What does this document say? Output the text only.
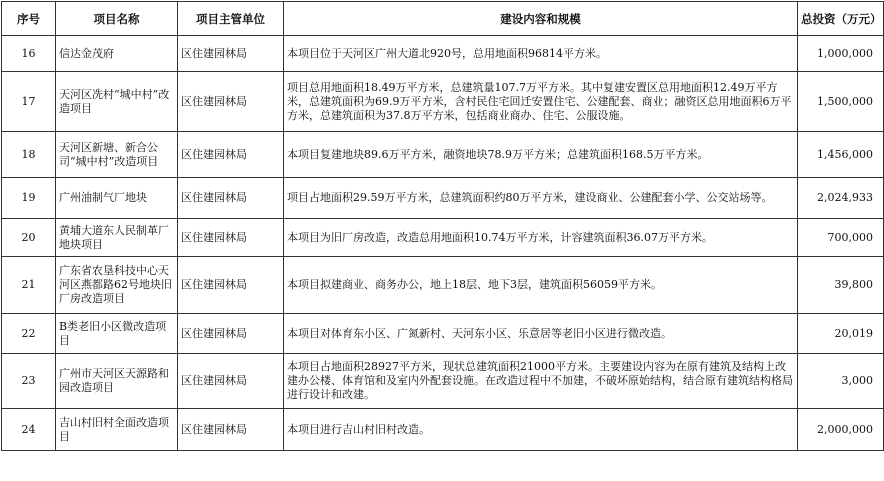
序号	项目名称	项目主管单位	建设内容和规模	总投资（万元）
16	信达金茂府	区住建园林局	本项目位于天河区广州大道北920号，总用地面积96814平方米。	1,000,000
17	天河区冼村“城中村”改造项目	区住建园林局	项目总用地面积18.49万平方米，总建筑量107.7万平方米。其中复建安置区总用地面积12.49万平方米，总建筑面积为69.9万平方米，含村民住宅回迁安置住宅、公建配套、商业；融资区总用地面积6万平方米，总建筑面积为37.8万平方米，包括商业商办、住宅、公服设施。	1,500,000
18	天河区新塘、新合公司“城中村”改造项目	区住建园林局	本项目复建地块89.6万平方米，融资地块78.9万平方米；总建筑面积168.5万平方米。	1,456,000
19	广州油制气厂地块	区住建园林局	项目占地面积29.59万平方米，总建筑面积约80万平方米，建设商业、公建配套小学、公交站场等。	2,024,933
20	黄埔大道东人民制革厂地块项目	区住建园林局	本项目为旧厂房改造，改造总用地面积10.74万平方米，计容建筑面积36.07万平方米。	700,000
21	广东省农垦科技中心天河区燕都路62号地块旧厂房改造项目	区住建园林局	本项目拟建商业、商务办公，地上18层、地下3层，建筑面积56059平方米。	39,800
22	B类老旧小区微改造项目	区住建园林局	本项目对体育东小区、广氮新村、天河东小区、乐意居等老旧小区进行微改造。	20,019
23	广州市天河区天源路和园改造项目	区住建园林局	本项目占地面积28927平方米，现状总建筑面积21000平方米。主要建设内容为在原有建筑及结构上改建办公楼、体育馆和及室内外配套设施。在改造过程中不加建，不破坏原始结构，结合原有建筑结构格局进行设计和改建。	3,000
24	吉山村旧村全面改造项目	区住建园林局	本项目进行吉山村旧村改造。	2,000,000
